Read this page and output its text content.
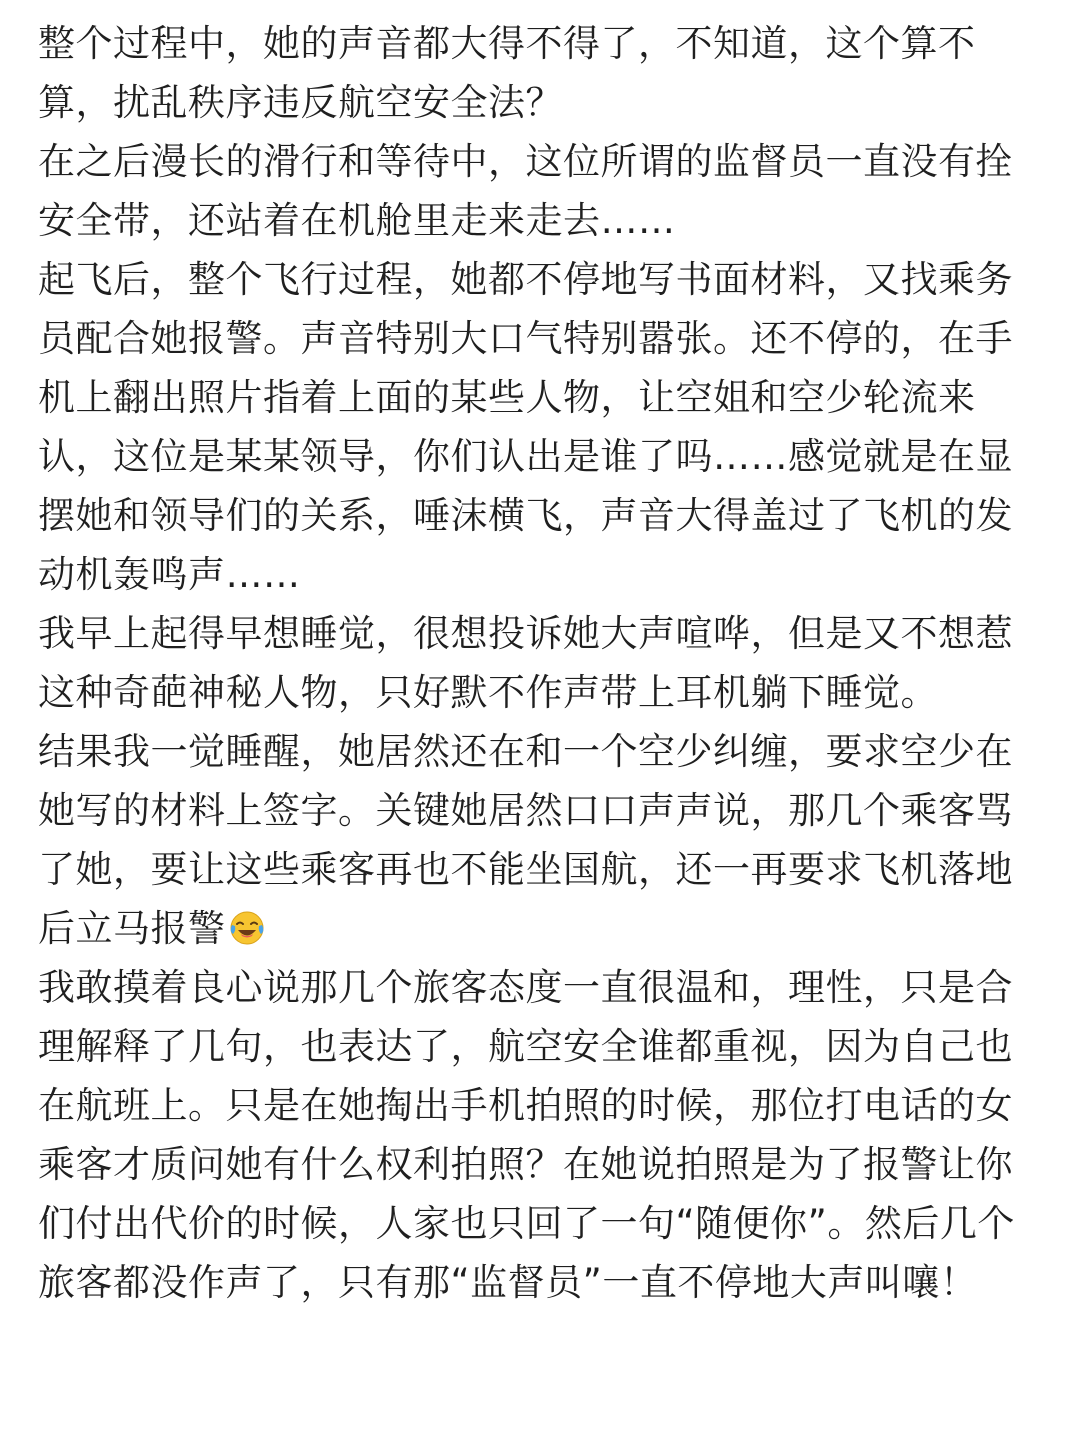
整个过程中，她的声音都大得不得了，不知道，这个算不算，扰乱秩序违反航空安全法？

在之后漫长的滑行和等待中，这位所谓的监督员一直没有拴安全带，还站着在机舱里走来走去……

起飞后，整个飞行过程，她都不停地写书面材料，又找乘务员配合她报警。声音特别大口气特别嚣张。还不停的，在手机上翻出照片指着上面的某些人物，让空姐和空少轮流来认，这位是某某领导，你们认出是谁了吗……感觉就是在显摆她和领导们的关系，唾沫横飞，声音大得盖过了飞机的发动机轰鸣声……

我早上起得早想睡觉，很想投诉她大声喧哗，但是又不想惹这种奇葩神秘人物，只好默不作声带上耳机躺下睡觉。

结果我一觉睡醒，她居然还在和一个空少纠缠，要求空少在她写的材料上签字。关键她居然口口声声说，那几个乘客骂了她，要让这些乘客再也不能坐国航，还一再要求飞机落地后立马报警

我敢摸着良心说那几个旅客态度一直很温和，理性，只是合理解释了几句，也表达了，航空安全谁都重视，因为自己也在航班上。只是在她掏出手机拍照的时候，那位打电话的女乘客才质问她有什么权利拍照？在她说拍照是为了报警让你们付出代价的时候，人家也只回了一句“随便你”。然后几个旅客都没作声了，只有那“监督员”一直不停地大声叫嚷！
